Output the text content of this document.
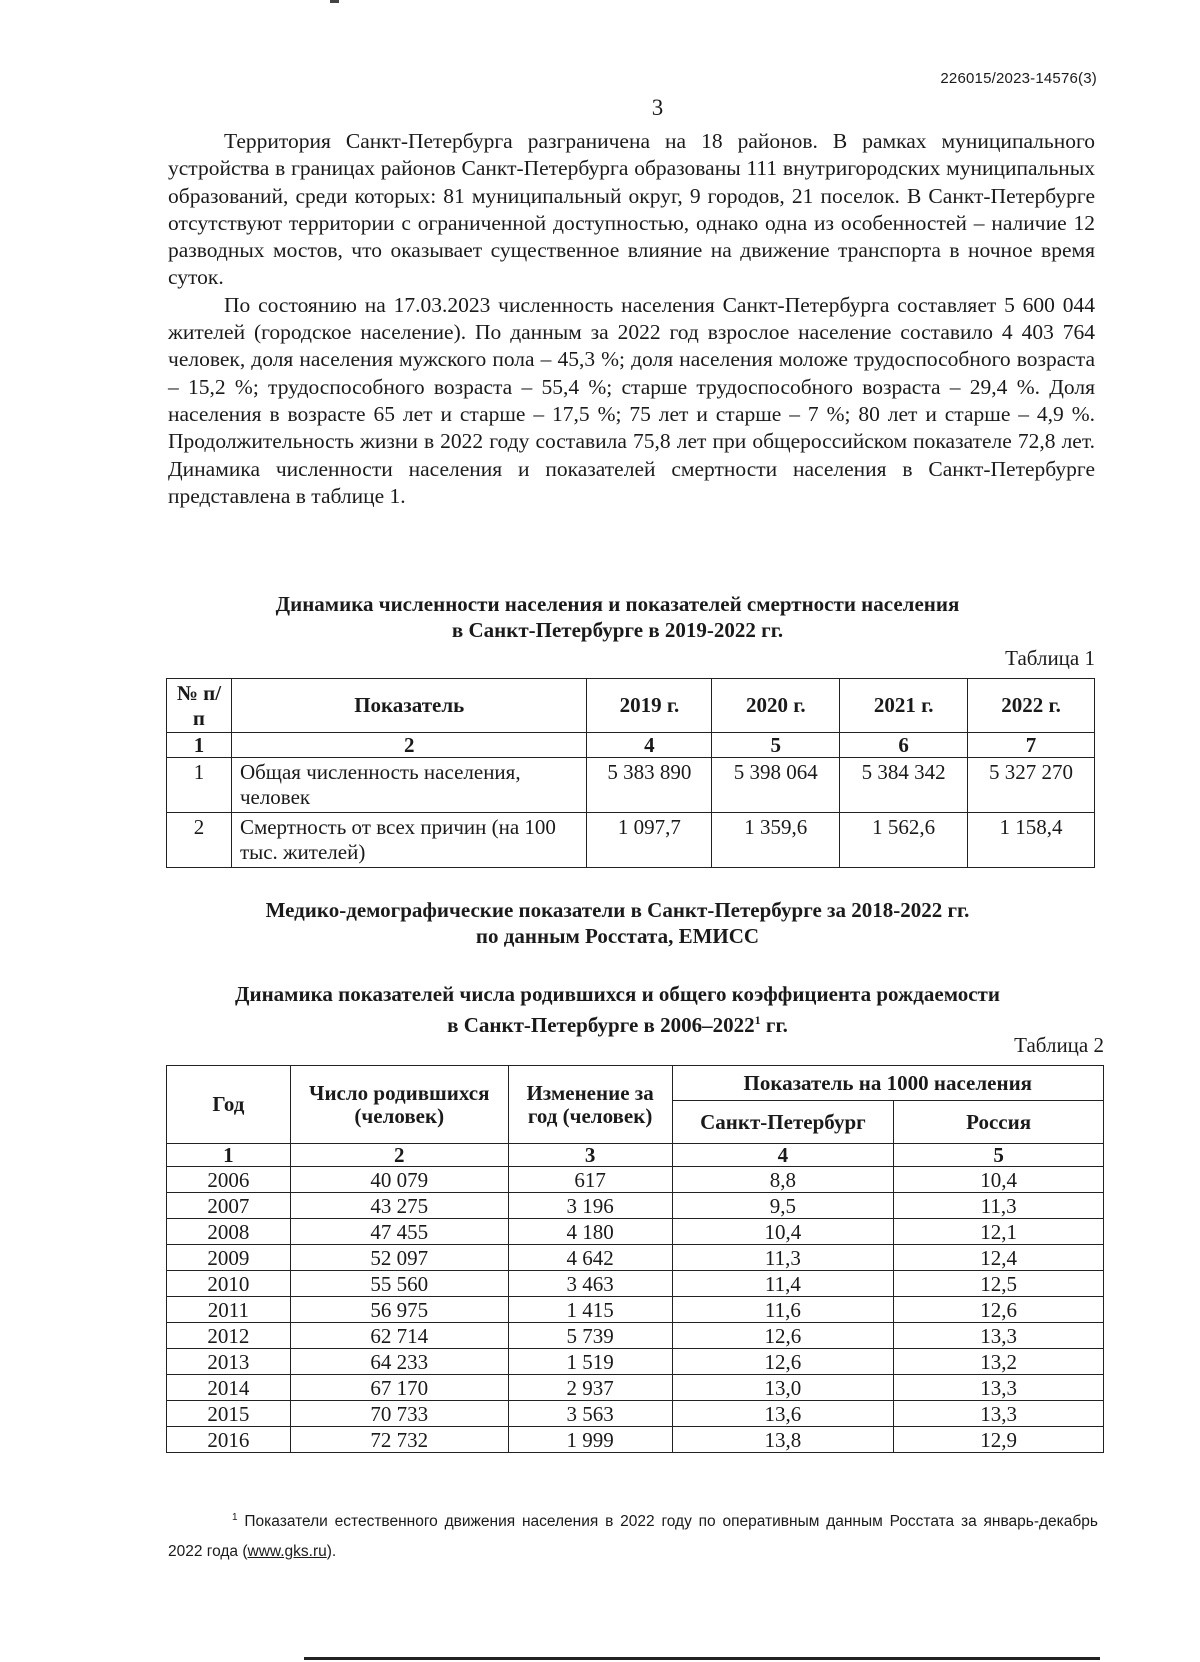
226015/2023-14576(3)
3

Территория Санкт-Петербурга разграничена на 18 районов. В рамках муниципального устройства в границах районов Санкт-Петербурга образованы 111 внутригородских муниципальных образований, среди которых: 81 муниципальный округ, 9 городов, 21 поселок. В Санкт-Петербурге отсутствуют территории с ограниченной доступностью, однако одна из особенностей – наличие 12 разводных мостов, что оказывает существенное влияние на движение транспорта в ночное время суток.

По состоянию на 17.03.2023 численность населения Санкт-Петербурга составляет 5 600 044 жителей (городское население). По данным за 2022 год взрослое население составило 4 403 764 человек, доля населения мужского пола – 45,3 %; доля населения моложе трудоспособного возраста – 15,2 %; трудоспособного возраста – 55,4 %; старше трудоспособного возраста – 29,4 %. Доля населения в возрасте 65 лет и старше – 17,5 %; 75 лет и старше – 7 %; 80 лет и старше – 4,9 %. Продолжительность жизни в 2022 году составила 75,8 лет при общероссийском показателе 72,8 лет. Динамика численности населения и показателей смертности населения в Санкт-Петербурге представлена в таблице 1.

Динамика численности населения и показателей смертности населения
в Санкт-Петербурге в 2019-2022 гг.
Таблица 1
№ п/п	Показатель	2019 г.	2020 г.	2021 г.	2022 г.
1	2	4	5	6	7
1	Общая численность населения, человек	5 383 890	5 398 064	5 384 342	5 327 270
2	Смертность от всех причин (на 100 тыс. жителей)	1 097,7	1 359,6	1 562,6	1 158,4
Медико-демографические показатели в Санкт-Петербурге за 2018-2022 гг.
по данным Росстата, ЕМИСС
Динамика показателей числа родившихся и общего коэффициента рождаемости
в Санкт-Петербурге в 2006–2022$^1$ гг.
Таблица 2
Год	Число родившихся (человек)	Изменение за год (человек)	Показатель на 1000 населения	
			Санкт-Петербург	Россия
1	2	3	4	5
2006	40 079	617	8,8	10,4
2007	43 275	3 196	9,5	11,3
2008	47 455	4 180	10,4	12,1
2009	52 097	4 642	11,3	12,4
2010	55 560	3 463	11,4	12,5
2011	56 975	1 415	11,6	12,6
2012	62 714	5 739	12,6	13,3
2013	64 233	1 519	12,6	13,2
2014	67 170	2 937	13,0	13,3
2015	70 733	3 563	13,6	13,3
2016	72 732	1 999	13,8	12,9

$^1$ Показатели естественного движения населения в 2022 году по оперативным данным Росстата за январь-декабрь 2022 года (www.gks.ru).
